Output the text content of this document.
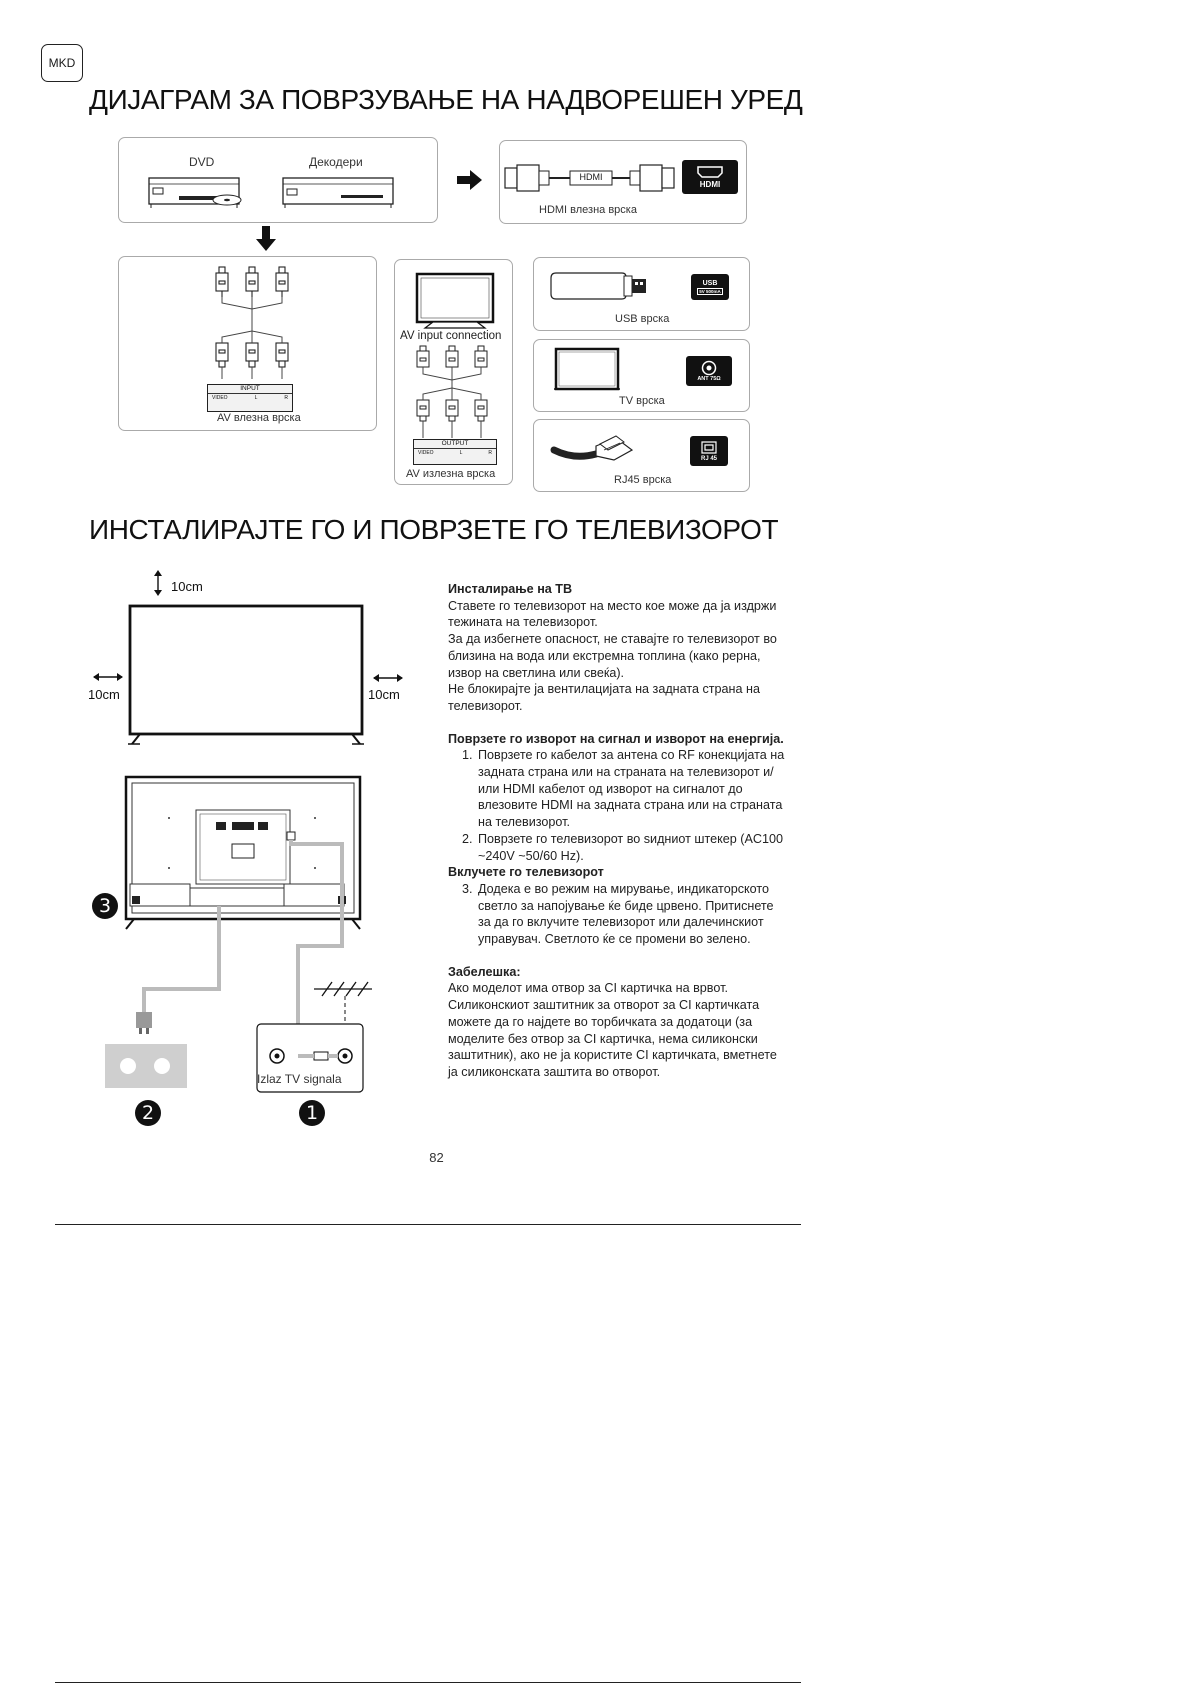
MKD
ДИЈАГРАМ ЗА ПОВРЗУВАЊЕ НА НАДВОРЕШЕН УРЕД
DVD	Декодери
HDMI
HDMI
HDMI влезна врска
INPUT
VIDEO	L	R
AV влезна врска
AV input connection
OUTPUT
VIDEO	L	R
AV излезна врска
USB
5V 500mA
USB врска
ANT 75Ω
TV врска
RJ 45
RJ45 врска
ИНСТАЛИРАЈТЕ ГО И ПОВРЗЕТЕ ГО ТЕЛЕВИЗОРОТ
10cm
10cm	10cm
Izlaz TV signala
3
2	1
Инсталирање на ТВ

Ставете го телевизорот на место кое може да ја издржи тежината на телевизорот.
За да избегнете опасност, не ставајте го телевизорот во близина на вода или екстремна топлина (како рерна, извор на светлина или свеќа).
Не блокирајте ја вентилацијата на задната страна на телевизорот.

Поврзете го изворот на сигнал и изворот на енергија.
1. Поврзете го кабелот за антена со RF конекцијата на задната страна или на страната на телевизорот и/или HDMI кабелот од изворот на сигналот до влезовите HDMI на задната страна или на страната на телевизорот.
2. Поврзете го телевизорот во ѕидниот штекер (AC100 ~240V ~50/60 Hz).
Вклучете го телевизорот
3. Додека е во режим на мирување, индикаторското светло за напојување ќе биде црвено. Притиснете за да го вклучите телевизорот или далечинскиот управувач. Светлото ќе се промени во зелено.
Забелешка:

Ако моделот има отвор за CI картичка на врвот. Силиконскиот заштитник за отворот за CI картичката можете да го најдете во торбичката за додатоци (за моделите без отвор за CI картичка, нема силиконски заштитник), ако не ја користите CI картичката, вметнете ја силиконската заштита во отворот.

82
